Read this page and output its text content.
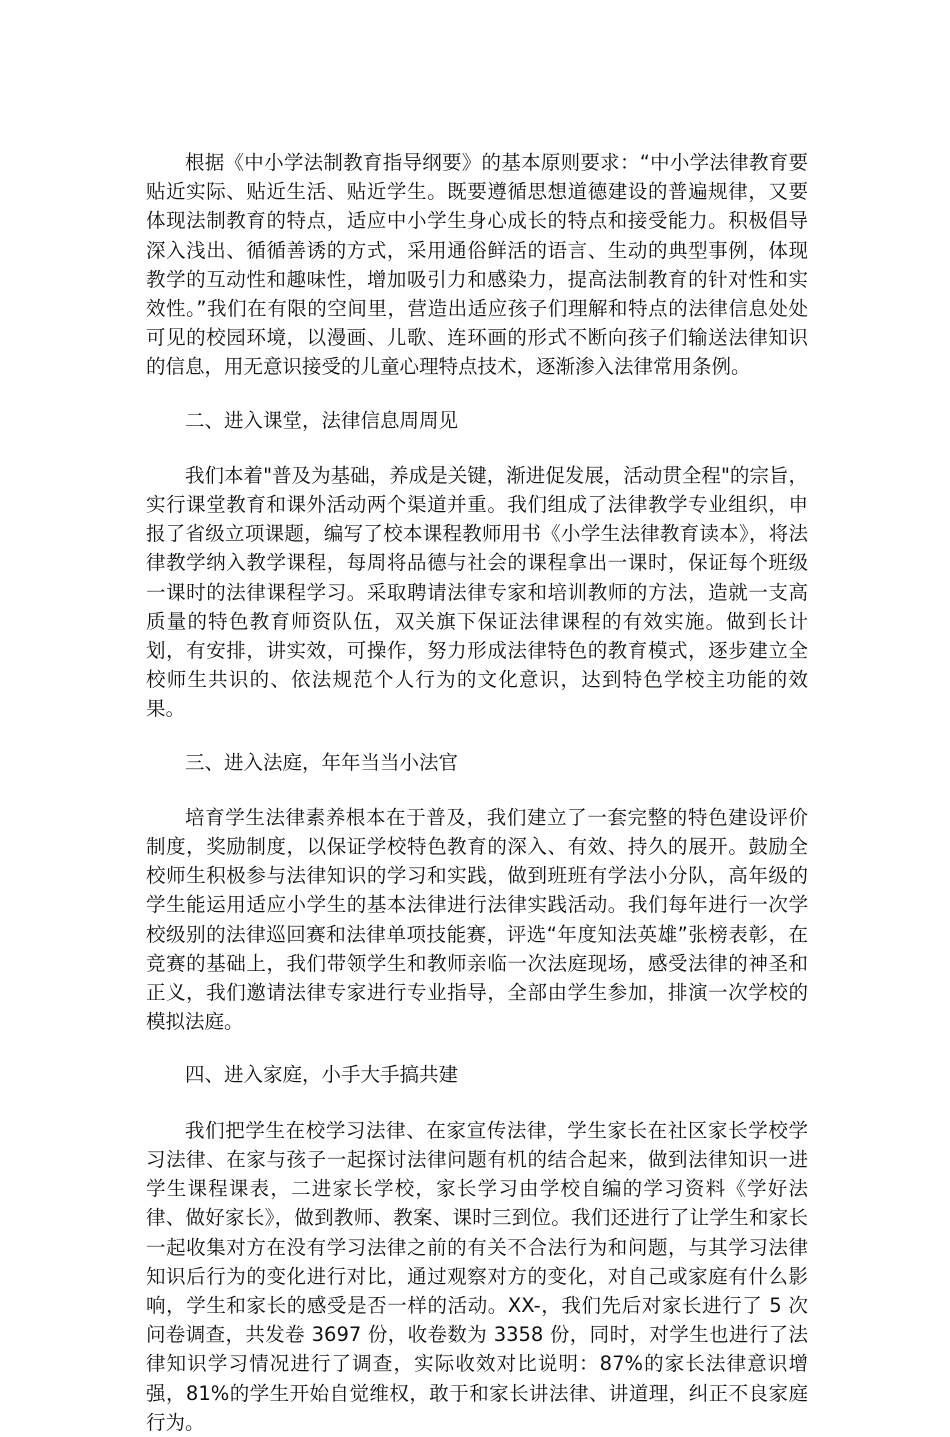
根据《中小学法制教育指导纲要》的基本原则要求：“中小学法律教育要贴近实际、贴近生活、贴近学生。既要遵循思想道德建设的普遍规律，又要体现法制教育的特点，适应中小学生身心成长的特点和接受能力。积极倡导深入浅出、循循善诱的方式，采用通俗鲜活的语言、生动的典型事例，体现教学的互动性和趣味性，增加吸引力和感染力，提高法制教育的针对性和实效性。”我们在有限的空间里，营造出适应孩子们理解和特点的法律信息处处可见的校园环境，以漫画、儿歌、连环画的形式不断向孩子们输送法律知识的信息，用无意识接受的儿童心理特点技术，逐渐渗入法律常用条例。

二、进入课堂，法律信息周周见

我们本着"普及为基础，养成是关键，渐进促发展，活动贯全程"的宗旨，实行课堂教育和课外活动两个渠道并重。我们组成了法律教学专业组织，申报了省级立项课题，编写了校本课程教师用书《小学生法律教育读本》，将法律教学纳入教学课程，每周将品德与社会的课程拿出一课时，保证每个班级一课时的法律课程学习。采取聘请法律专家和培训教师的方法，造就一支高质量的特色教育师资队伍，双关旗下保证法律课程的有效实施。做到长计划，有安排，讲实效，可操作，努力形成法律特色的教育模式，逐步建立全校师生共识的、依法规范个人行为的文化意识，达到特色学校主功能的效果。

三、进入法庭，年年当当小法官

培育学生法律素养根本在于普及，我们建立了一套完整的特色建设评价制度，奖励制度，以保证学校特色教育的深入、有效、持久的展开。鼓励全校师生积极参与法律知识的学习和实践，做到班班有学法小分队，高年级的学生能运用适应小学生的基本法律进行法律实践活动。我们每年进行一次学校级别的法律巡回赛和法律单项技能赛，评选“年度知法英雄”张榜表彰，在竞赛的基础上，我们带领学生和教师亲临一次法庭现场，感受法律的神圣和正义，我们邀请法律专家进行专业指导，全部由学生参加，排演一次学校的模拟法庭。

四、进入家庭，小手大手搞共建

我们把学生在校学习法律、在家宣传法律，学生家长在社区家长学校学习法律、在家与孩子一起探讨法律问题有机的结合起来，做到法律知识一进学生课程课表，二进家长学校，家长学习由学校自编的学习资料《学好法律、做好家长》，做到教师、教案、课时三到位。我们还进行了让学生和家长一起收集对方在没有学习法律之前的有关不合法行为和问题，与其学习法律知识后行为的变化进行对比，通过观察对方的变化，对自己或家庭有什么影响，学生和家长的感受是否一样的活动。XX-，我们先后对家长进行了 5 次问卷调查，共发卷 3697 份，收卷数为 3358 份，同时，对学生也进行了法律知识学习情况进行了调查，实际收效对比说明：87%的家长法律意识增强，81%的学生开始自觉维权，敢于和家长讲法律、讲道理，纠正不良家庭行为。
